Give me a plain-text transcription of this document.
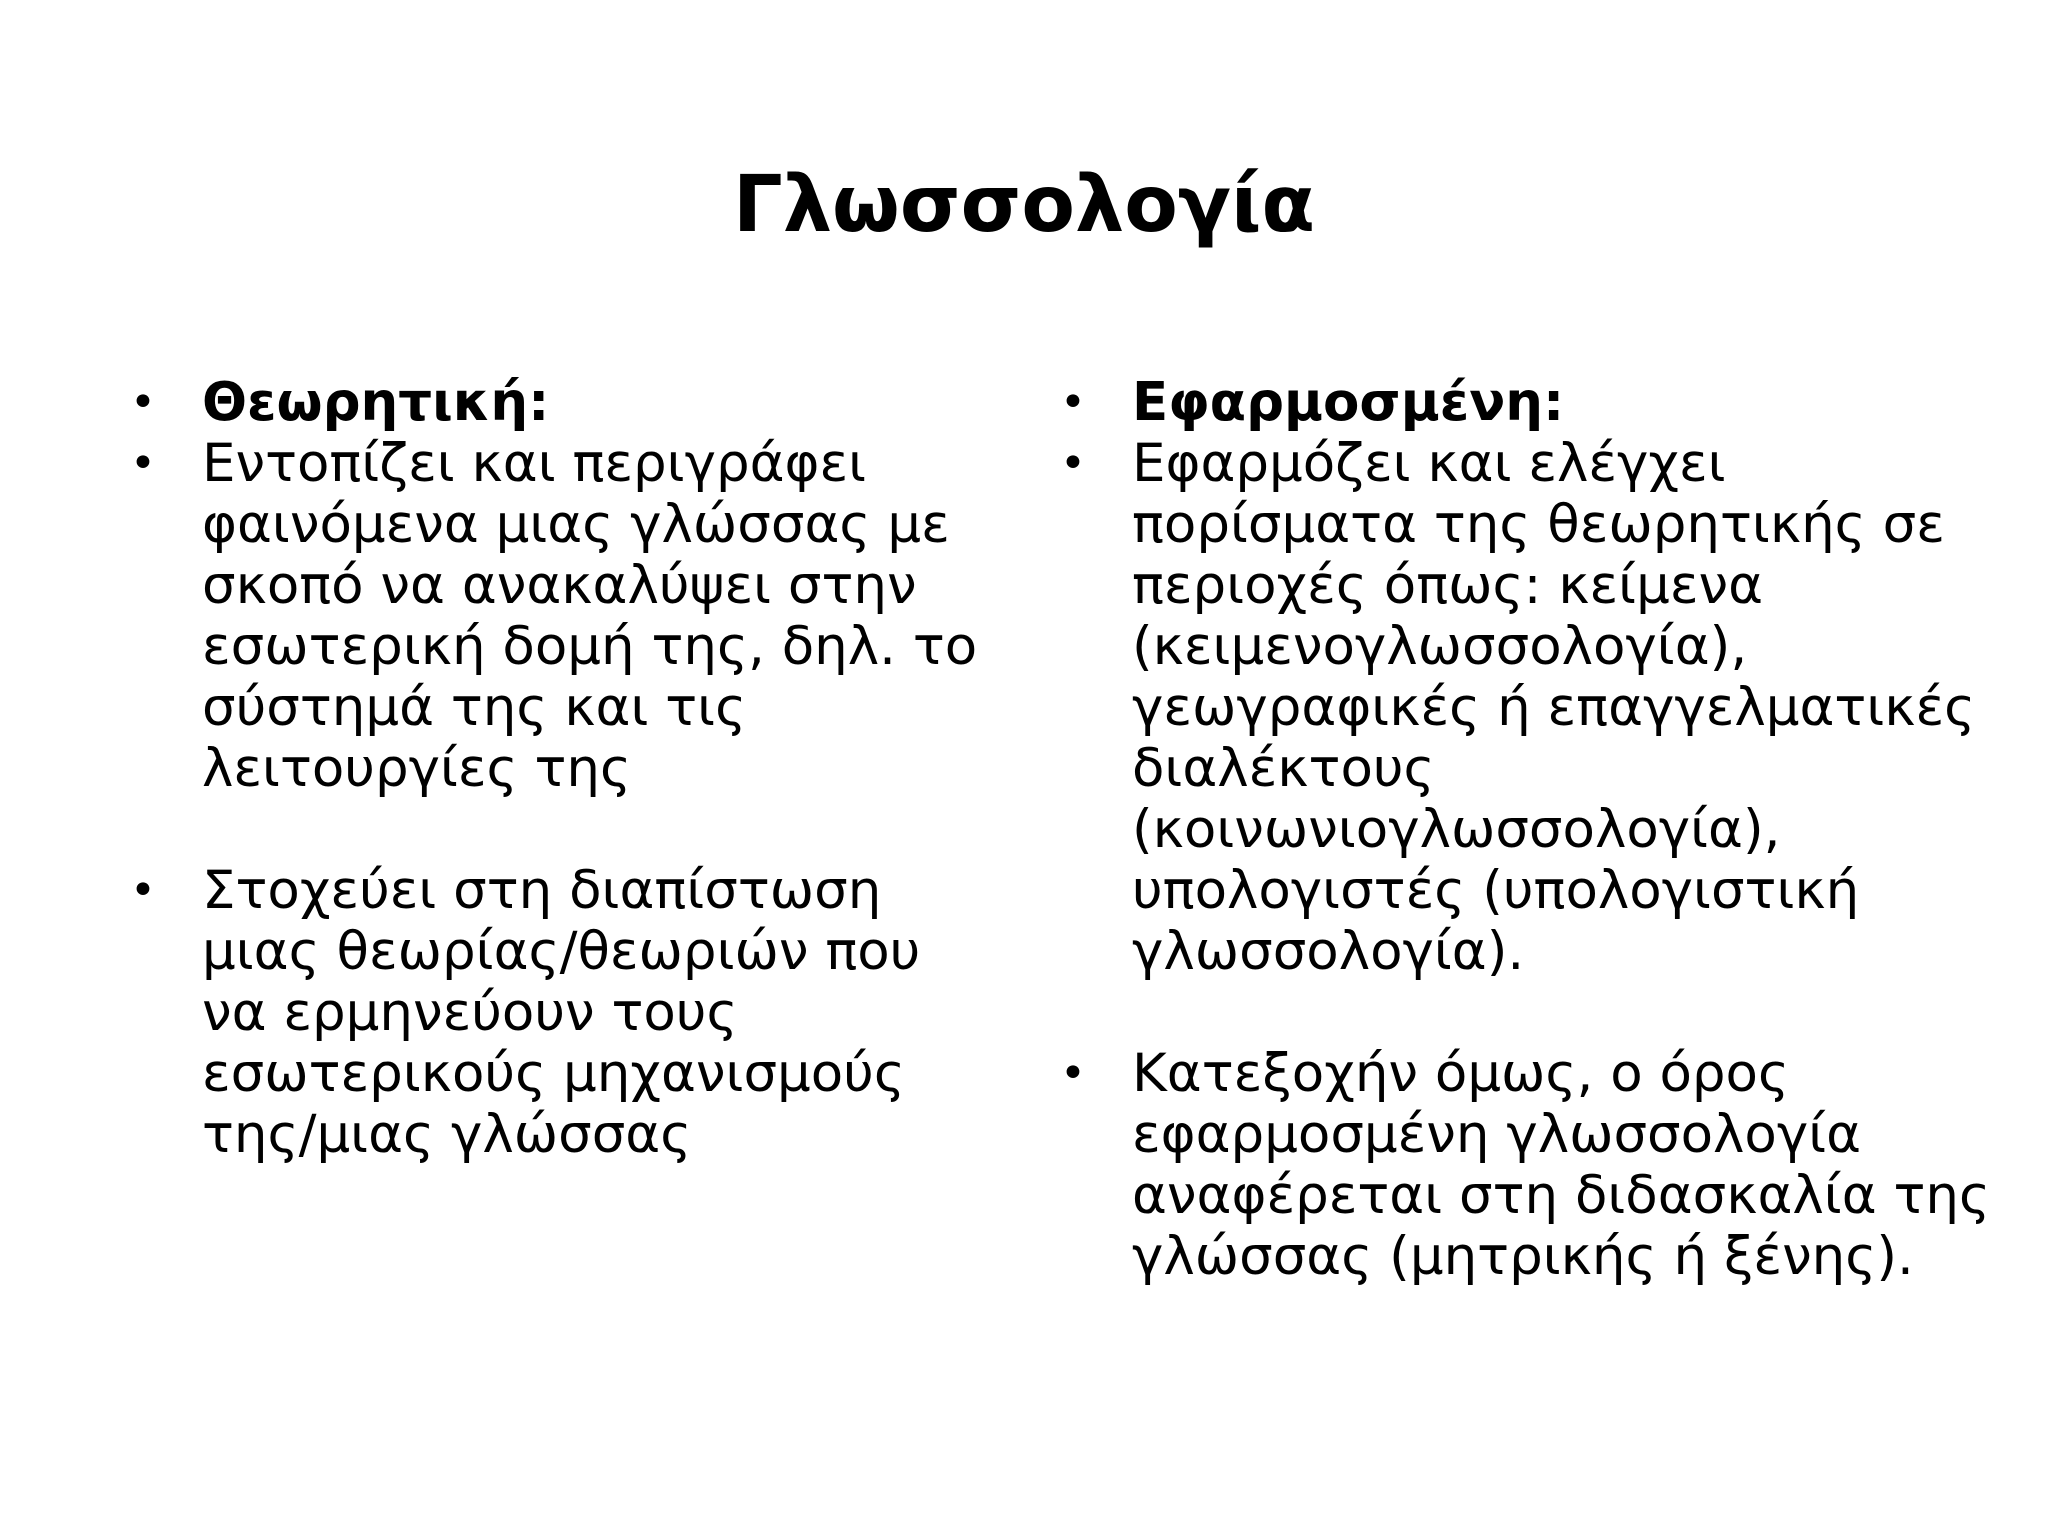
Γλωσσολογία
• Θεωρητική:
• Εντοπίζει και περιγράφει φαινόμενα μιας γλώσσας με σκοπό να ανακαλύψει στην εσωτερική δομή της, δηλ. το σύστημά της και τις λειτουργίες της
• Στοχεύει στη διαπίστωση μιας θεωρίας/θεωριών που να ερμηνεύουν τους εσωτερικούς μηχανισμούς της/μιας γλώσσας
• Εφαρμοσμένη:
• Εφαρμόζει και ελέγχει πορίσματα της θεωρητικής σε περιοχές όπως: κείμενα (κειμενογλωσσολογία), γεωγραφικές ή επαγγελματικές διαλέκτους (κοινωνιογλωσσολογία), υπολογιστές (υπολογιστική γλωσσολογία).
• Κατεξοχήν όμως, ο όρος εφαρμοσμένη γλωσσολογία αναφέρεται στη διδασκαλία της γλώσσας (μητρικής ή ξένης).
